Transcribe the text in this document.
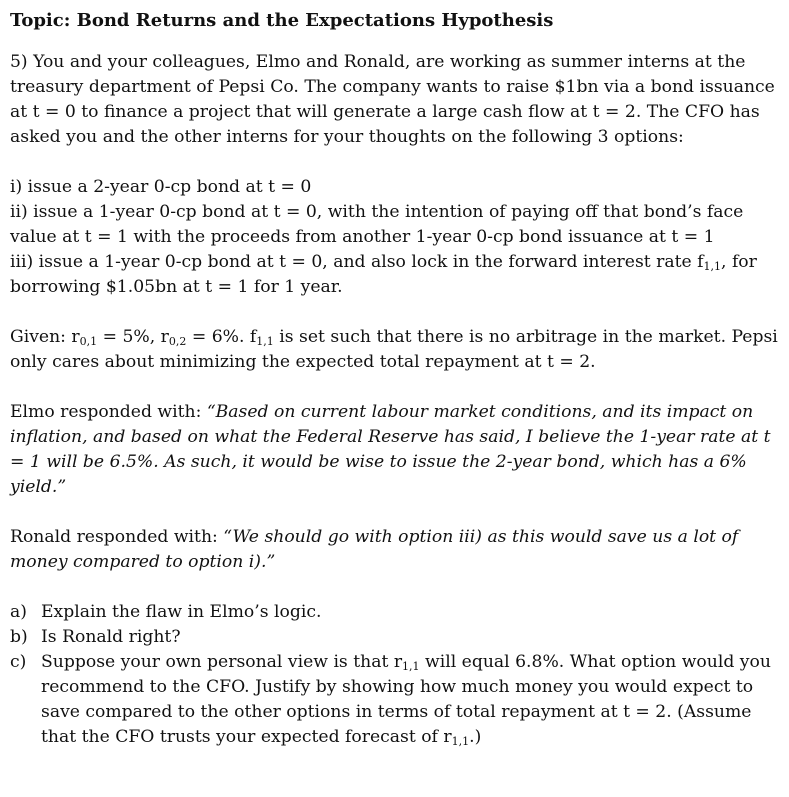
Topic: Bond Returns and the Expectations Hypothesis

5) You and your colleagues, Elmo and Ronald, are working as summer interns at the treasury department of Pepsi Co. The company wants to raise $1bn via a bond issuance at t = 0 to finance a project that will generate a large cash flow at t = 2. The CFO has asked you and the other interns for your thoughts on the following 3 options:

i) issue a 2-year 0-cp bond at t = 0

ii) issue a 1-year 0-cp bond at t = 0, with the intention of paying off that bond’s face value at t = 1 with the proceeds from another 1-year 0-cp bond issuance at t = 1

iii) issue a 1-year 0-cp bond at t = 0, and also lock in the forward interest rate $f_{1,1}$, for borrowing $1.05bn at t = 1 for 1 year.

Given: $r_{0,1} = 5\%$, $r_{0,2} = 6\%$. $f_{1,1}$ is set such that there is no arbitrage in the market. Pepsi only cares about minimizing the expected total repayment at t = 2.

Elmo responded with: “Based on current labour market conditions, and its impact on inflation, and based on what the Federal Reserve has said, I believe the 1-year rate at t = 1 will be 6.5%. As such, it would be wise to issue the 2-year bond, which has a 6% yield.”

Ronald responded with: “We should go with option iii) as this would save us a lot of money compared to option i).”

a) Explain the flaw in Elmo’s logic.
b) Is Ronald right?
c) Suppose your own personal view is that $r_{1,1}$ will equal 6.8%. What option would you recommend to the CFO. Justify by showing how much money you would expect to save compared to the other options in terms of total repayment at t = 2. (Assume that the CFO trusts your expected forecast of $r_{1,1}$.)
